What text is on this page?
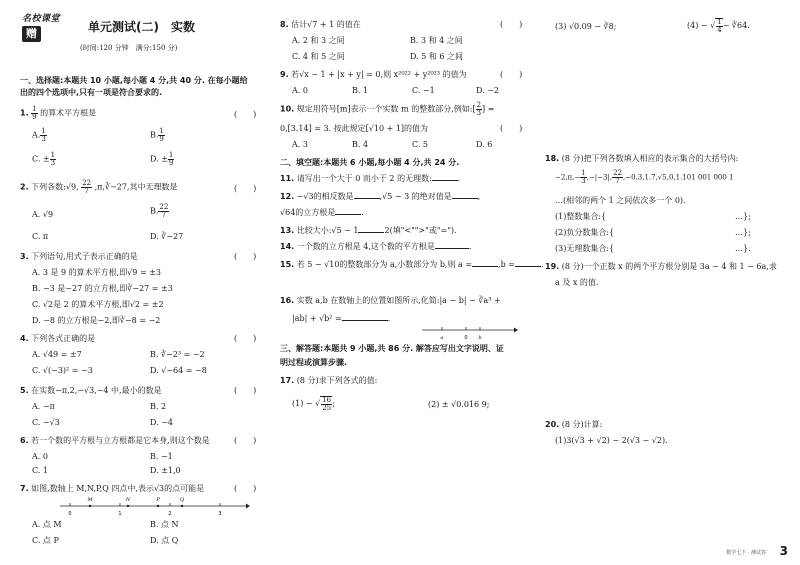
名校课堂
赠	单元测试(二)　实数
(时间:120 分钟　满分:150 分)
一、选择题:本题共 10 小题,每小题 4 分,共 40 分. 在每小题给
出的四个选项中,只有一项是符合要求的.
1. $\frac{1}{9}$ 的算术平方根是	(　　)
A. $\frac{1}{3}$	B. $\frac{1}{9}$
C. ± $\frac{1}{3}$	D. ± $\frac{1}{9}$
2. 下列各数:√9, $\frac{22}{7}$ ,π,∛−27,其中无理数是	(　　)
A. √9	B. $\frac{22}{7}$
C. π	D. ∛−27
3. 下列语句,用式子表示正确的是	(　　)
A. 3 是 9 的算术平方根,即√9 = ±3
B. −3 是−27 的立方根,即∛−27 = ±3
C. √2是 2 的算术平方根,即√2 = ±2
D. −8 的立方根是−2,即∛−8 = −2
4. 下列各式正确的是	(　　)
A. √49 = ±7	B. ∛−2³ = −2
C. √(−3)² = −3	D. √−64 = −8
5. 在实数−π,2,−√3,−4 中,最小的数是	(　　)
A. −π	B. 2
C. −√3	D. −4
6. 若一个数的平方根与立方根都是它本身,则这个数是	(　　)
A. 0	B. −1
C. 1	D. ±1,0
7. 如图,数轴上 M,N,P,Q 四点中,表示√3的点可能是	(　　)
0	1	2	3
M	N	P	Q
A. 点 M	B. 点 N
C. 点 P	D. 点 Q
8. 估计√7 + 1 的值在	(　　)
A. 2 和 3 之间	B. 3 和 4 之间
C. 4 和 5 之间	D. 5 和 6 之间
9. 若√x − 1 + |x + y| = 0,则 x²⁰²² + y²⁰²³ 的值为	(　　)
A. 0	B. 1	C. −1	D. −2
10. 规定用符号[m]表示一个实数 m 的整数部分,例如:[ $\frac{2}{3}$ ] =
0,[3.14] = 3. 按此规定[√10 + 1]的值为	(　　)
A. 3	B. 4	C. 5	D. 6
二、填空题:本题共 6 小题,每小题 4 分,共 24 分.
11. 请写出一个大于 0 而小于 2 的无理数:	.
12. −√3的相反数是	,√5 − 3 的绝对值是	,
√64的立方根是	.
13. 比较大小:√5 − 1	2(填"<"">"或"=").
14. 一个数的立方根是 4,这个数的平方根是	.
15. 若 5 − √10的整数部分为 a,小数部分为 b,则 a =	,b =	.
16. 实数 a,b 在数轴上的位置如图所示,化简:|a − b| − ∛a³ +
|ab| + √b² =	.
a	0 b
三、解答题:本题共 9 小题,共 86 分. 解答应写出文字说明、证
明过程或演算步骤.
17. (8 分)求下列各式的值:
(1) − √ $\frac{16}{25}$ ;	(2) ± √0.016 9;
(3) √0.09 − ∛8;	(4) − √ $\frac{1}{4}$ − ∛64.
18. (8 分)把下列各数填入相应的表示集合的大括号内:
$-2,\pi,- \frac{1}{3} ,-|-3|$, $\frac{22}{7} ,-0.3,1.7,√5,0,1.101$ 001 000 1
…(相邻的两个 1 之间依次多一个 0).
(1)整数集合:{	…};
(2)负分数集合:{	…};
(3)无理数集合:{	…}.
19. (8 分)一个正数 x 的两个平方根分别是 3a − 4 和 1 − 6a,求
a 及 x 的值.
20. (8 分)计算:
(1)3(√3 + √2) − 2(√3 − √2).
数学七下 · 测试卷 3
